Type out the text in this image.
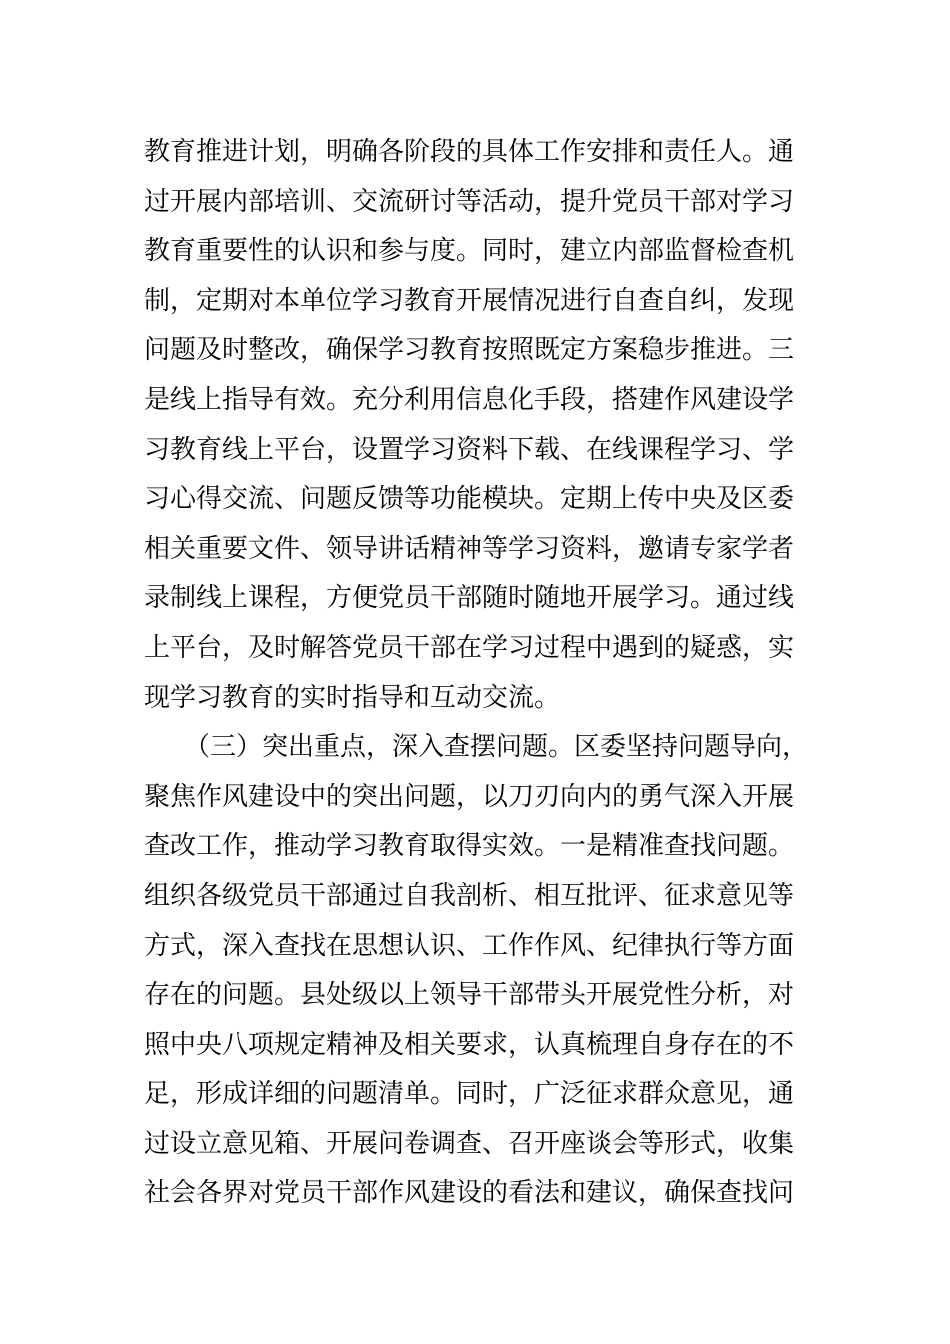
教育推进计划，明确各阶段的具体工作安排和责任人。通
过开展内部培训、交流研讨等活动，提升党员干部对学习
教育重要性的认识和参与度。同时，建立内部监督检查机
制，定期对本单位学习教育开展情况进行自查自纠，发现
问题及时整改，确保学习教育按照既定方案稳步推进。三
是线上指导有效。充分利用信息化手段，搭建作风建设学
习教育线上平台，设置学习资料下载、在线课程学习、学
习心得交流、问题反馈等功能模块。定期上传中央及区委
相关重要文件、领导讲话精神等学习资料，邀请专家学者
录制线上课程，方便党员干部随时随地开展学习。通过线
上平台，及时解答党员干部在学习过程中遇到的疑惑，实
现学习教育的实时指导和互动交流。
（三）突出重点，深入查摆问题。区委坚持问题导向，
聚焦作风建设中的突出问题，以刀刃向内的勇气深入开展
查改工作，推动学习教育取得实效。一是精准查找问题。
组织各级党员干部通过自我剖析、相互批评、征求意见等
方式，深入查找在思想认识、工作作风、纪律执行等方面
存在的问题。县处级以上领导干部带头开展党性分析，对
照中央八项规定精神及相关要求，认真梳理自身存在的不
足，形成详细的问题清单。同时，广泛征求群众意见，通
过设立意见箱、开展问卷调查、召开座谈会等形式，收集
社会各界对党员干部作风建设的看法和建议，确保查找问
